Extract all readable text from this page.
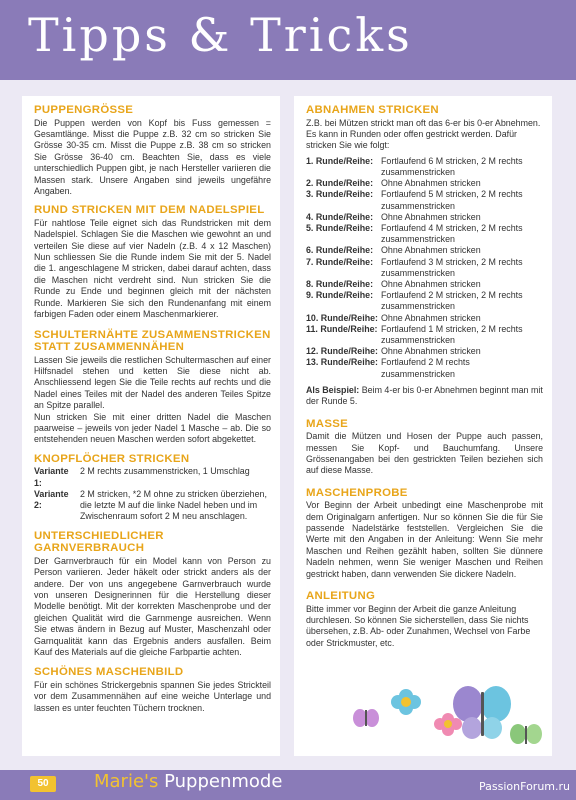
Tipps & Tricks
PUPPENGRÖSSE

Die Puppen werden von Kopf bis Fuss gemessen = Gesamtlänge. Misst die Puppe z.B. 32 cm so stricken Sie Grösse 30-35 cm. Misst die Puppe z.B. 38 cm so stricken Sie Grösse 36-40 cm. Beachten Sie, dass es viele unterschiedlich Puppen gibt, je nach Hersteller variieren die Massen stark. Unsere Angaben sind jeweils ungefähre Angaben.

RUND STRICKEN MIT DEM NADELSPIEL

Für nahtlose Teile eignet sich das Rundstricken mit dem Nadelspiel. Schlagen Sie die Maschen wie gewohnt an und verteilen Sie diese auf vier Nadeln (z.B. 4 x 12 Maschen) Nun schliessen Sie die Runde indem Sie mit der 5. Nadel die 1. angeschlagene M stricken, dabei darauf achten, dass die Maschen nicht verdreht sind. Nun stricken Sie die Runde zu Ende und beginnen gleich mit der nächsten Runde. Markieren Sie sich den Rundenanfang mit einem farbigen Faden oder einem Maschenmarkierer.

SCHULTERNÄHTE ZUSAMMENSTRICKEN STATT ZUSAMMENNÄHEN

Lassen Sie jeweils die restlichen Schultermaschen auf einer Hilfsnadel stehen und ketten Sie diese nicht ab. Anschliessend legen Sie die Teile rechts auf rechts und die Nadel eines Teiles mit der Nadel des anderen Teiles Spitze an Spitze parallel.

Nun stricken Sie mit einer dritten Nadel die Maschen paarweise – jeweils von jeder Nadel 1 Masche – ab. Die so entstehenden neuen Maschen werden sofort abgekettet.

KNOPFLÖCHER STRICKEN
Variante 1:
2 M rechts zusammenstricken, 1 Umschlag
Variante 2:
2 M stricken, *2 M ohne zu stricken überziehen, die letzte M auf die linke Nadel heben und im Zwischenraum sofort 2 M neu anschlagen.
UNTERSCHIEDLICHER GARNVERBRAUCH

Der Garnverbrauch für ein Model kann von Person zu Person variieren. Jeder häkelt oder strickt anders als der andere. Der von uns angegebene Garnverbrauch wurde von unseren Designerinnen für die Herstellung dieser Modelle benötigt. Mit der korrekten Maschenprobe und der gleichen Qualität wird die Garnmenge ausreichen. Wenn Sie etwas ändern in Bezug auf Muster, Maschenzahl oder Garnqualität kann das Ergebnis anders ausfallen. Beim Kauf des Materials auf die gleiche Farbpartie achten.

SCHÖNES MASCHENBILD

Für ein schönes Strickergebnis spannen Sie jedes Strickteil vor dem Zusammennähen auf eine weiche Unterlage und lassen es unter feuchten Tüchern trocknen.

ABNAHMEN STRICKEN

Z.B. bei Mützen strickt man oft das 6-er bis 0-er Abnehmen. Es kann in Runden oder offen gestrickt werden. Dafür stricken Sie wie folgt:

1. Runde/Reihe: Fortlaufend 6 M stricken, 2 M rechts zusammenstricken
2. Runde/Reihe: Ohne Abnahmen stricken
3. Runde/Reihe: Fortlaufend 5 M stricken, 2 M rechts zusammenstricken
4. Runde/Reihe: Ohne Abnahmen stricken
5. Runde/Reihe: Fortlaufend 4 M stricken, 2 M rechts zusammenstricken
6. Runde/Reihe: Ohne Abnahmen stricken
7. Runde/Reihe: Fortlaufend 3 M stricken, 2 M rechts zusammenstricken
8. Runde/Reihe: Ohne Abnahmen stricken
9. Runde/Reihe: Fortlaufend 2 M stricken, 2 M rechts zusammenstricken
10. Runde/Reihe: Ohne Abnahmen stricken
11. Runde/Reihe: Fortlaufend 1 M stricken, 2 M rechts zusammenstricken
12. Runde/Reihe: Ohne Abnahmen stricken
13. Runde/Reihe: Fortlaufend 2 M rechts zusammenstricken

Als Beispiel: Beim 4-er bis 0-er Abnehmen beginnt man mit der Runde 5.

MASSE

Damit die Mützen und Hosen der Puppe auch passen, messen Sie Kopf- und Bauchumfang. Unsere Grössenangaben bei den gestrickten Teilen beziehen sich auf diese Masse.

MASCHENPROBE

Vor Beginn der Arbeit unbedingt eine Maschenprobe mit dem Originalgarn anfertigen. Nur so können Sie die für Sie passende Nadelstärke feststellen. Vergleichen Sie die Werte mit den Angaben in der Anleitung: Wenn Sie mehr Maschen und Reihen gezählt haben, sollten Sie dünnere Nadeln nehmen, wenn Sie weniger Maschen und Reihen gestrickt haben, dann verwenden Sie dickere Nadeln.

ANLEITUNG

Bitte immer vor Beginn der Arbeit die ganze Anleitung durchlesen. So können Sie sicherstellen, dass Sie nichts übersehen, z.B. Ab- oder Zunahmen, Wechsel von Farbe oder Strickmuster, etc.

50	Marie's Puppenmode	PassionForum.ru
